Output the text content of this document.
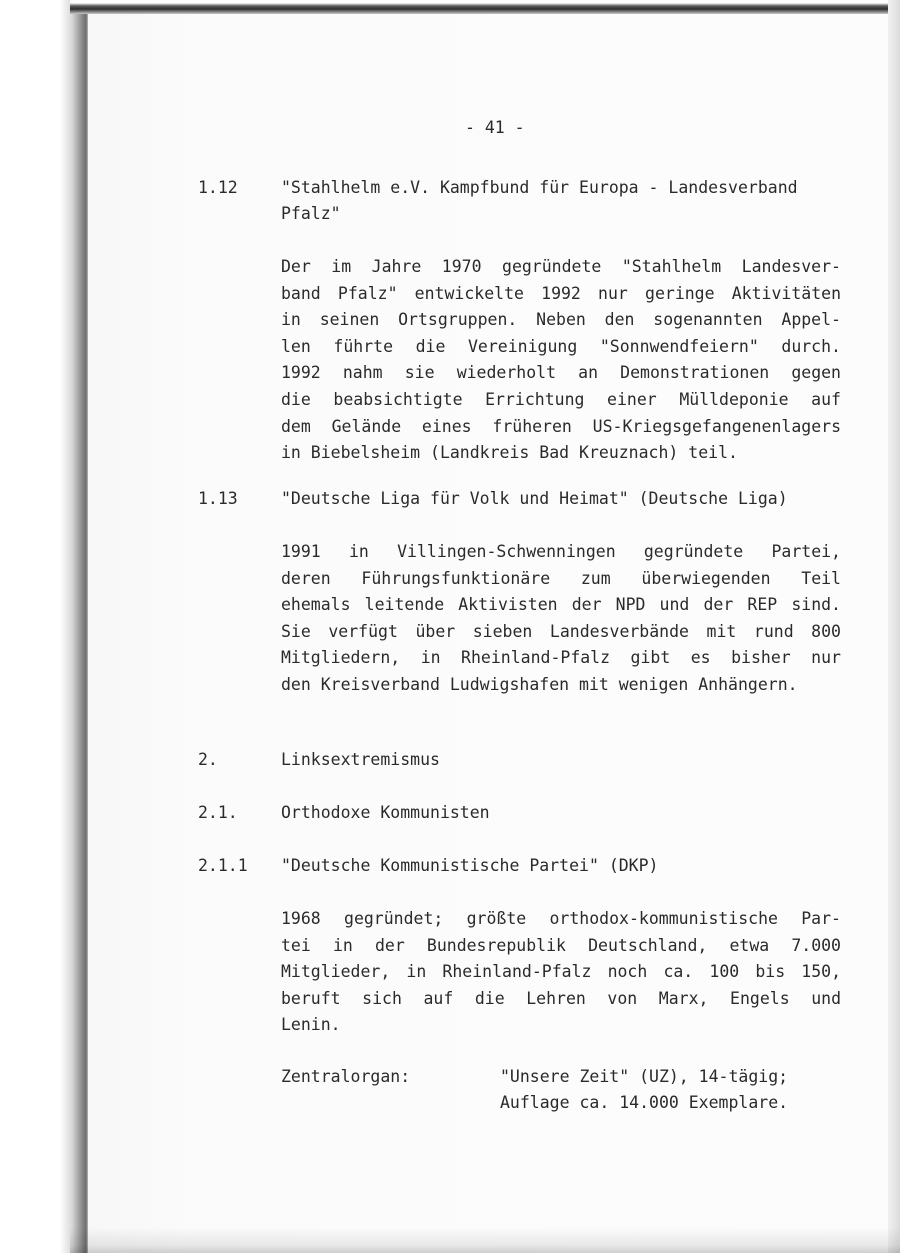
- 41 -
1.12	"Stahlhelm e.V. Kampfbund für Europa - Landesverband
Pfalz"
Der im Jahre 1970 gegründete "Stahlhelm Landesver-
band Pfalz" entwickelte 1992 nur geringe Aktivitäten
in seinen Ortsgruppen. Neben den sogenannten Appel-
len führte die Vereinigung "Sonnwendfeiern" durch.
1992 nahm sie wiederholt an Demonstrationen gegen
die beabsichtigte Errichtung einer Mülldeponie auf
dem Gelände eines früheren US-Kriegsgefangenenlagers
in Biebelsheim (Landkreis Bad Kreuznach) teil.
1.13	"Deutsche Liga für Volk und Heimat" (Deutsche Liga)
1991 in Villingen-Schwenningen gegründete Partei,
deren Führungsfunktionäre zum überwiegenden Teil
ehemals leitende Aktivisten der NPD und der REP sind.
Sie verfügt über sieben Landesverbände mit rund 800
Mitgliedern, in Rheinland-Pfalz gibt es bisher nur
den Kreisverband Ludwigshafen mit wenigen Anhängern.
2.	Linksextremismus
2.1.	Orthodoxe Kommunisten
2.1.1 "Deutsche Kommunistische Partei" (DKP)
1968 gegründet; größte orthodox-kommunistische Par-
tei in der Bundesrepublik Deutschland, etwa 7.000
Mitglieder, in Rheinland-Pfalz noch ca. 100 bis 150,
beruft sich auf die Lehren von Marx, Engels und
Lenin.
Zentralorgan:	"Unsere Zeit" (UZ), 14-tägig;
Auflage ca. 14.000 Exemplare.
